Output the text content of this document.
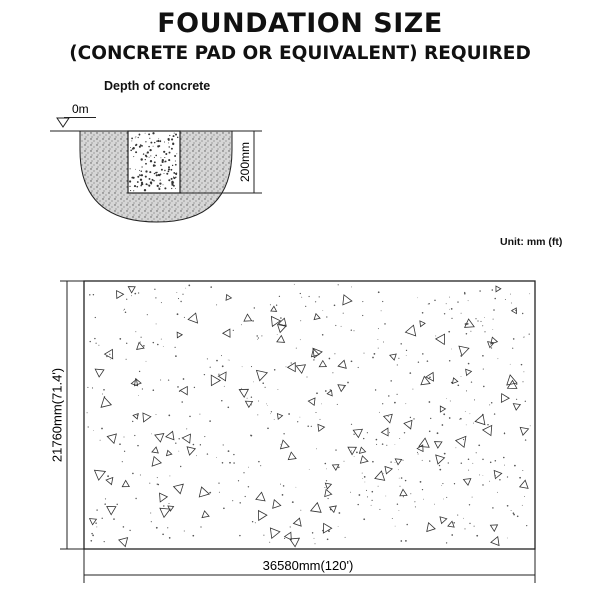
FOUNDATION SIZE
(CONCRETE PAD OR EQUIVALENT) REQUIRED
Depth of concrete
Unit: mm (ft)
0m
200mm
21760mm(71.4')
36580mm(120')
